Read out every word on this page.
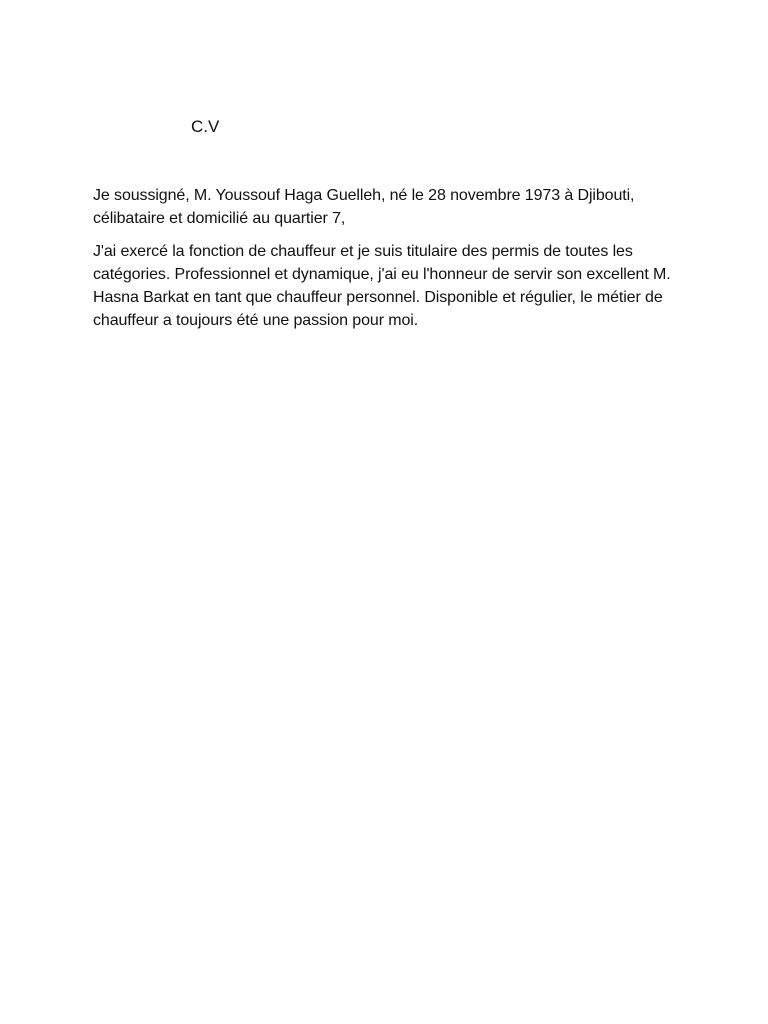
C.V

Je soussigné, M. Youssouf Haga Guelleh, né le 28 novembre 1973 à Djibouti, célibataire et domicilié au quartier 7,

J'ai exercé la fonction de chauffeur et je suis titulaire des permis de toutes les catégories. Professionnel et dynamique, j'ai eu l'honneur de servir son excellent M. Hasna Barkat en tant que chauffeur personnel. Disponible et régulier, le métier de chauffeur a toujours été une passion pour moi.
